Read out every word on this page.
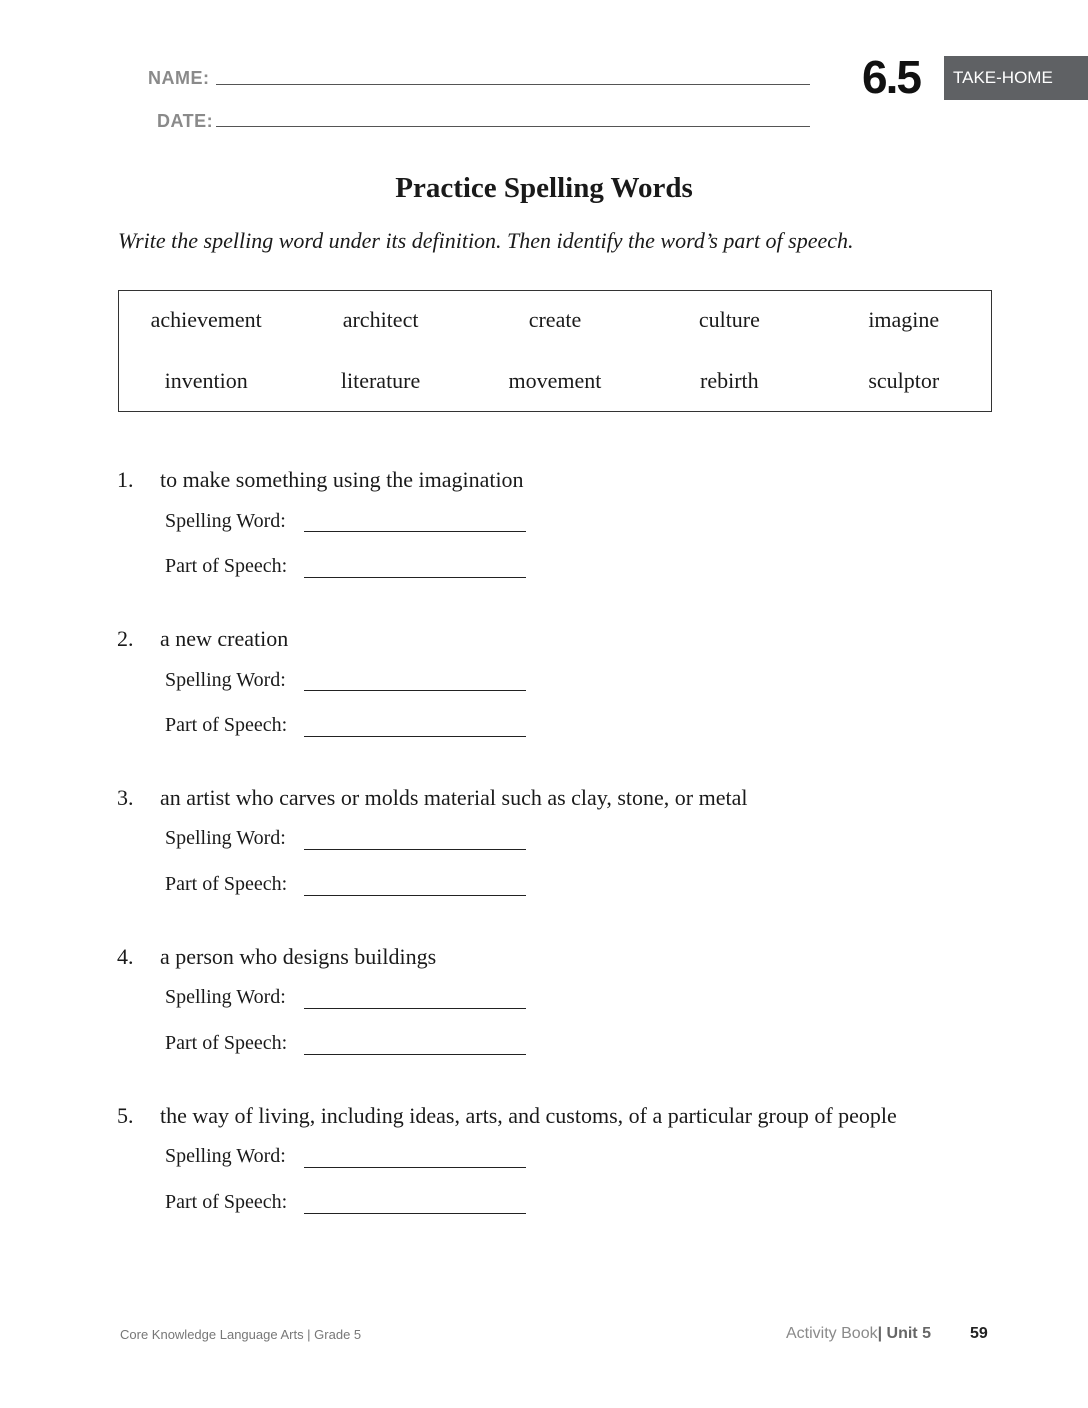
NAME:
DATE:
6.5	TAKE-HOME
Practice Spelling Words
Write the spelling word under its definition. Then identify the word’s part of speech.
achievement	architect	create	culture	imagine
invention	literature	movement	rebirth	sculptor
1. to make something using the imagination
Spelling Word:
Part of Speech:
2. a new creation
Spelling Word:
Part of Speech:
3. an artist who carves or molds material such as clay, stone, or metal
Spelling Word:
Part of Speech:
4. a person who designs buildings
Spelling Word:
Part of Speech:
5. the way of living, including ideas, arts, and customs, of a particular group of people
Spelling Word:
Part of Speech:
Core Knowledge Language Arts | Grade 5	Activity Book| Unit 5 59
